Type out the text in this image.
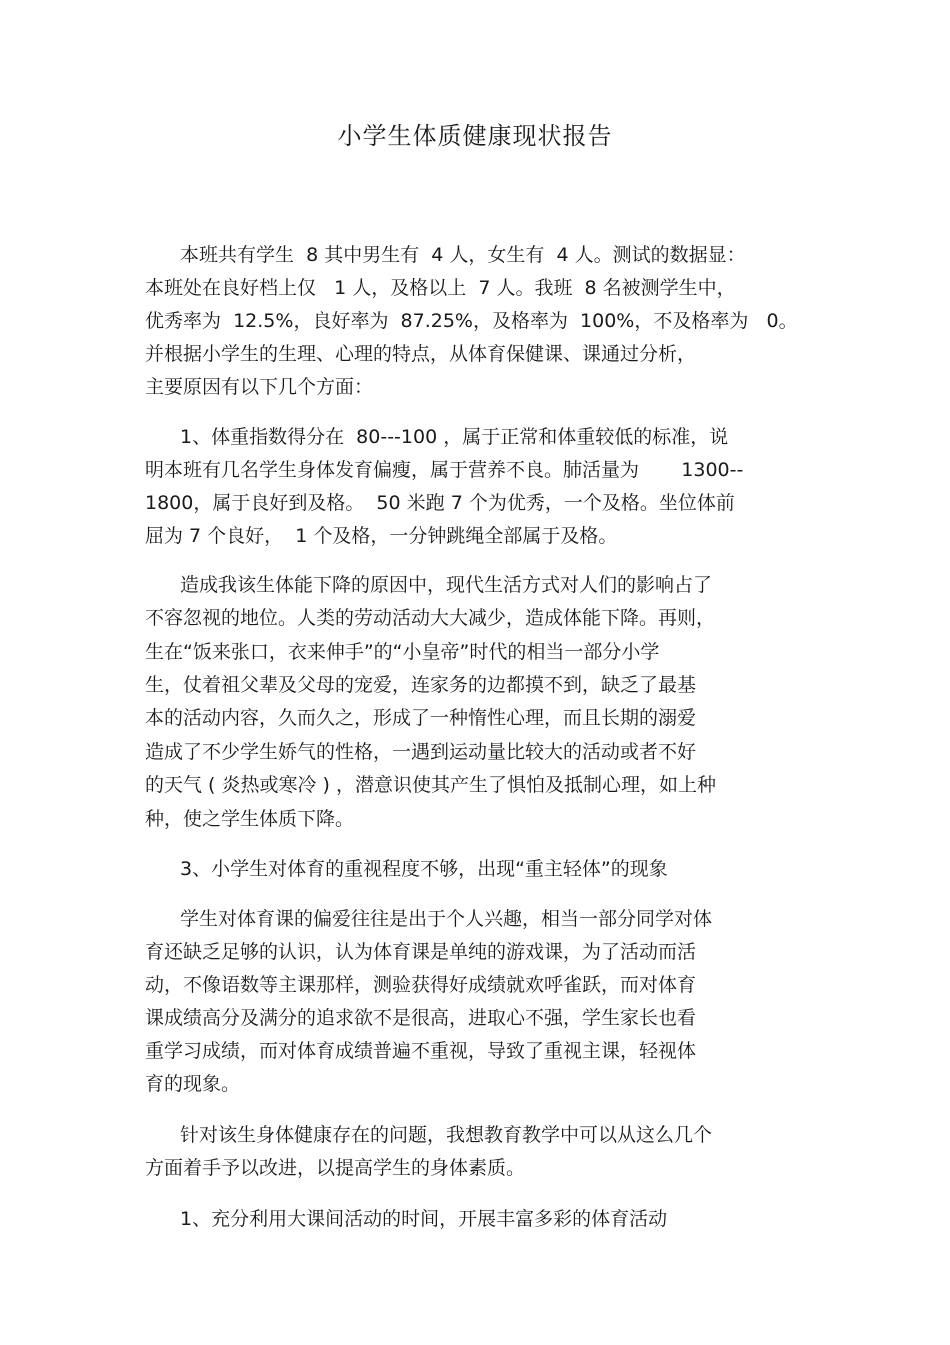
小学生体质健康现状报告

本班共有学生  8 其中男生有  4 人，女生有  4 人。测试的数据显：

本班处在良好档上仅   1 人，及格以上  7 人。我班  8 名被测学生中，

优秀率为  12.5%，良好率为  87.25%，及格率为  100%，不及格率为   0。

并根据小学生的生理、心理的特点，从体育保健课、课通过分析，

主要原因有以下几个方面：

1、体重指数得分在  80---100 ，属于正常和体重较低的标准，说

明本班有几名学生身体发育偏瘦，属于营养不良。肺活量为       1300--

1800，属于良好到及格。  50 米跑 7 个为优秀，一个及格。坐位体前

屈为 7 个良好，  1 个及格，一分钟跳绳全部属于及格。

造成我该生体能下降的原因中，现代生活方式对人们的影响占了

不容忽视的地位。人类的劳动活动大大减少，造成体能下降。再则，

生在“饭来张口，衣来伸手”的“小皇帝”时代的相当一部分小学

生，仗着祖父辈及父母的宠爱，连家务的边都摸不到，缺乏了最基

本的活动内容，久而久之，形成了一种惰性心理，而且长期的溺爱

造成了不少学生娇气的性格，一遇到运动量比较大的活动或者不好

的天气 ( 炎热或寒冷 ) ，潜意识使其产生了惧怕及抵制心理，如上种

种，使之学生体质下降。

3、小学生对体育的重视程度不够，出现“重主轻体”的现象

学生对体育课的偏爱往往是出于个人兴趣，相当一部分同学对体

育还缺乏足够的认识，认为体育课是单纯的游戏课，为了活动而活

动，不像语数等主课那样，测验获得好成绩就欢呼雀跃，而对体育

课成绩高分及满分的追求欲不是很高，进取心不强，学生家长也看

重学习成绩，而对体育成绩普遍不重视，导致了重视主课，轻视体

育的现象。

针对该生身体健康存在的问题，我想教育教学中可以从这么几个

方面着手予以改进，以提高学生的身体素质。

1、充分利用大课间活动的时间，开展丰富多彩的体育活动
